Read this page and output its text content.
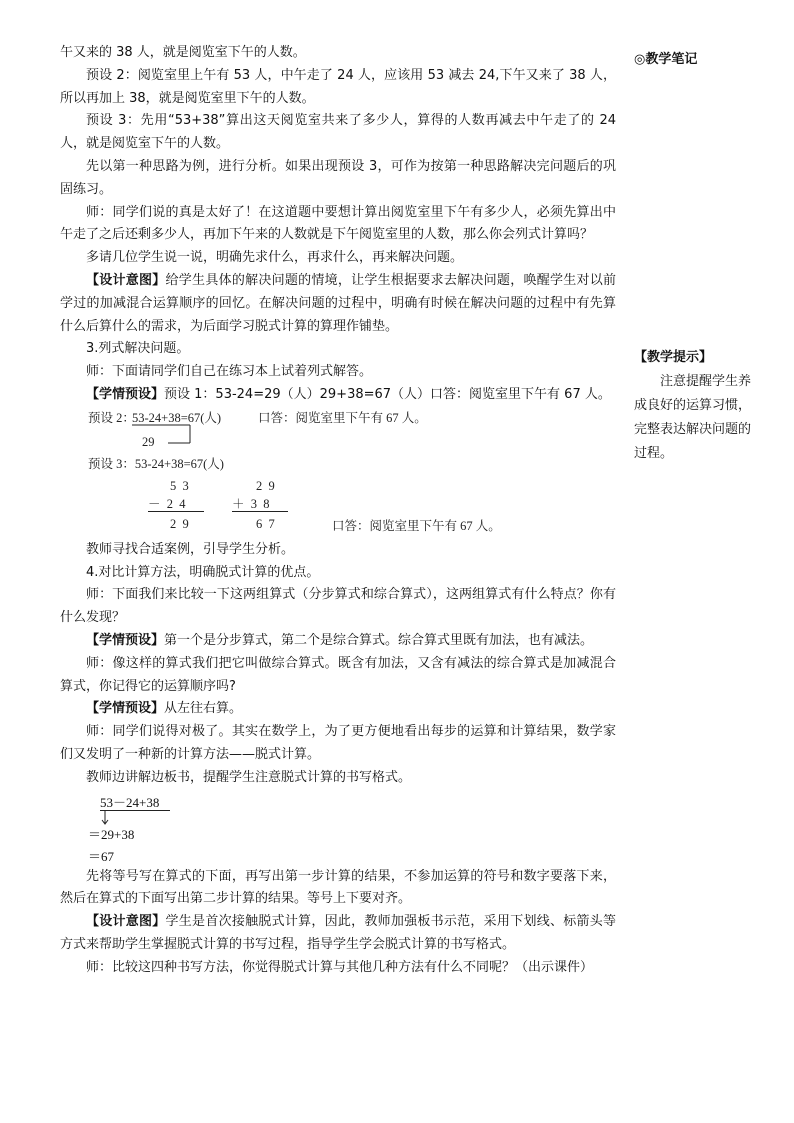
午又来的 38 人，就是阅览室下午的人数。

预设 2：阅览室里上午有 53 人，中午走了 24 人，应该用 53 减去 24,下午又来了 38 人，所以再加上 38，就是阅览室里下午的人数。

预设 3：先用“53+38”算出这天阅览室共来了多少人，算得的人数再减去中午走了的 24 人，就是阅览室下午的人数。

先以第一种思路为例，进行分析。如果出现预设 3，可作为按第一种思路解决完问题后的巩固练习。

师：同学们说的真是太好了！在这道题中要想计算出阅览室里下午有多少人，必须先算出中午走了之后还剩多少人，再加下午来的人数就是下午阅览室里的人数，那么你会列式计算吗？

多请几位学生说一说，明确先求什么，再求什么，再来解决问题。

【设计意图】给学生具体的解决问题的情境，让学生根据要求去解决问题，唤醒学生对以前学过的加减混合运算顺序的回忆。在解决问题的过程中，明确有时候在解决问题的过程中有先算什么后算什么的需求，为后面学习脱式计算的算理作铺垫。

3.列式解决问题。

师：下面请同学们自己在练习本上试着列式解答。

【学情预设】预设 1：53-24=29（人）29+38=67（人）口答：阅览室里下午有 67 人。

预设 2：
53-24+38=67(人)	口答：阅览室里下午有 67 人。
29
预设 3：53-24+38=67(人)
5  3
－  2  4
2  9
2  9
＋  3  8
6  7	口答：阅览室里下午有 67 人。

教师寻找合适案例，引导学生分析。

4.对比计算方法，明确脱式计算的优点。

师：下面我们来比较一下这两组算式（分步算式和综合算式），这两组算式有什么特点？你有什么发现？

【学情预设】第一个是分步算式，第二个是综合算式。综合算式里既有加法，也有减法。

师：像这样的算式我们把它叫做综合算式。既含有加法，又含有减法的综合算式是加减混合算式，你记得它的运算顺序吗?

【学情预设】从左往右算。

师：同学们说得对极了。其实在数学上，为了更方便地看出每步的运算和计算结果，数学家们又发明了一种新的计算方法——脱式计算。

教师边讲解边板书，提醒学生注意脱式计算的书写格式。

53－24+38
＝29+38
＝67

先将等号写在算式的下面，再写出第一步计算的结果，不参加运算的符号和数字要落下来，然后在算式的下面写出第二步计算的结果。等号上下要对齐。

【设计意图】学生是首次接触脱式计算，因此，教师加强板书示范，采用下划线、标箭头等方式来帮助学生掌握脱式计算的书写过程，指导学生学会脱式计算的书写格式。

师：比较这四种书写方法，你觉得脱式计算与其他几种方法有什么不同呢？（出示课件）

◎教学笔记
【教学提示】
注意提醒学生养成良好的运算习惯，完整表达解决问题的过程。
